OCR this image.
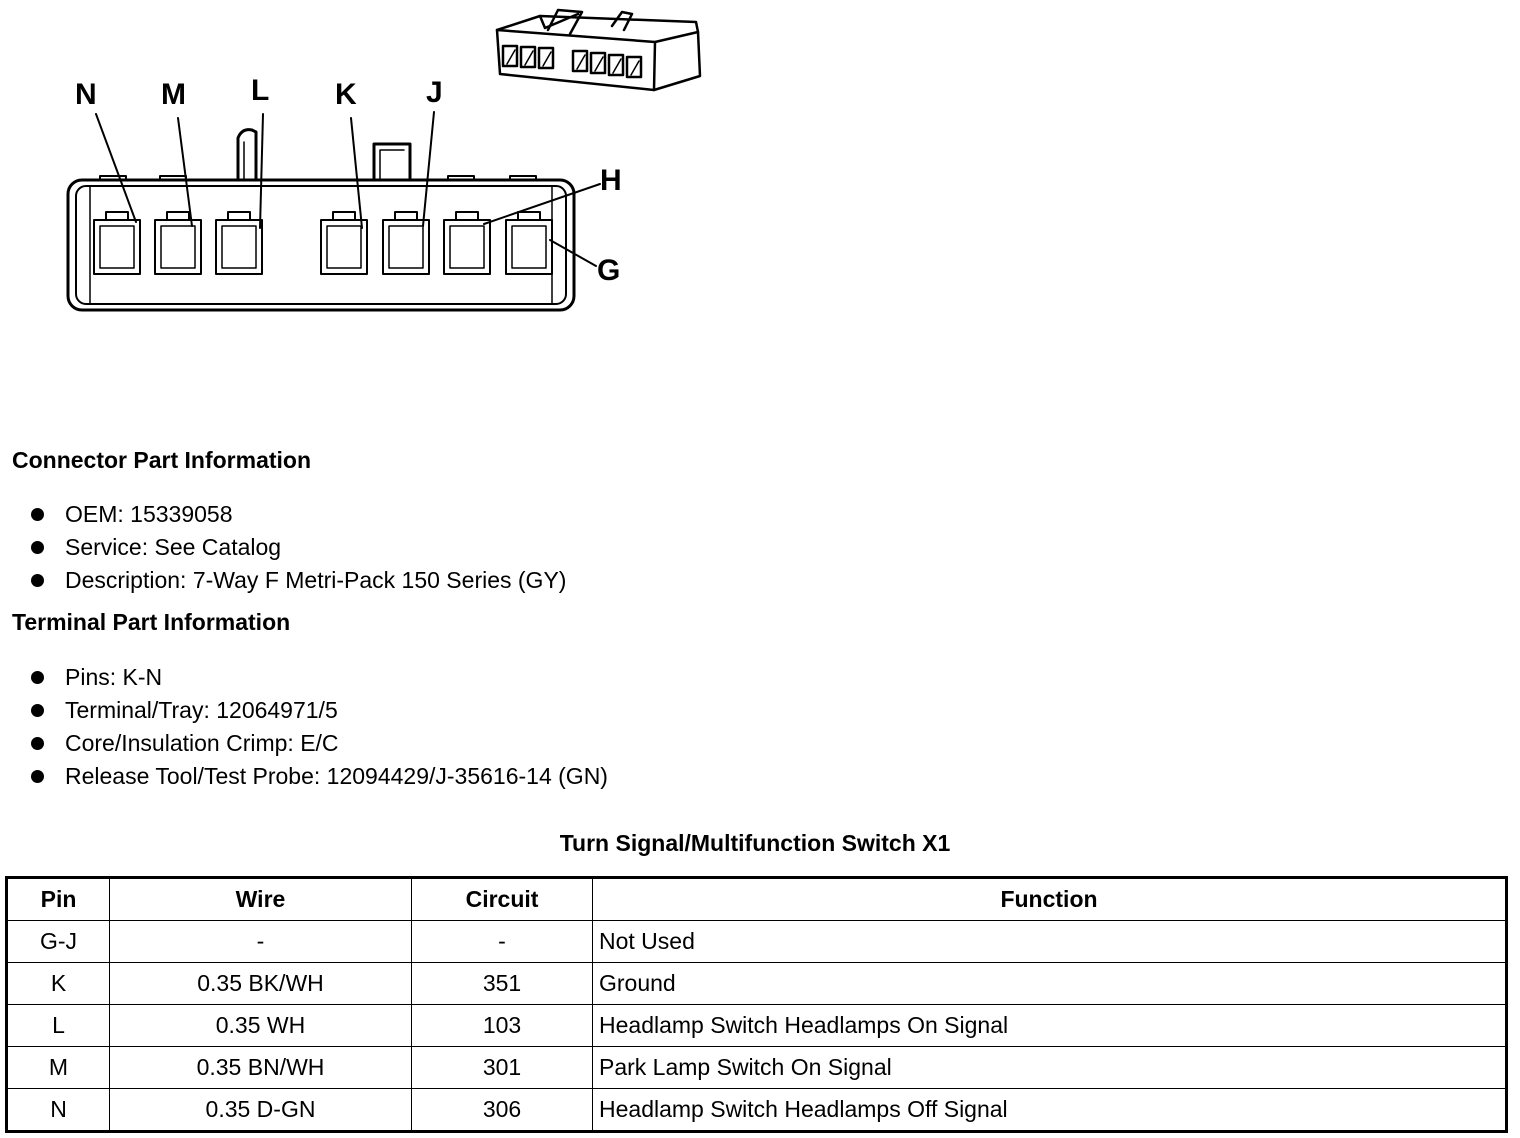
N M L K J
H
G
Connector Part Information
OEM: 15339058
Service: See Catalog
Description: 7-Way F Metri-Pack 150 Series (GY)
Terminal Part Information
Pins: K-N
Terminal/Tray: 12064971/5
Core/Insulation Crimp: E/C
Release Tool/Test Probe: 12094429/J-35616-14 (GN)
Turn Signal/Multifunction Switch X1
Pin	Wire	Circuit	Function
G-J	-	-	Not Used
K	0.35 BK/WH	351	Ground
L	0.35 WH	103	Headlamp Switch Headlamps On Signal
M	0.35 BN/WH	301	Park Lamp Switch On Signal
N	0.35 D-GN	306	Headlamp Switch Headlamps Off Signal
